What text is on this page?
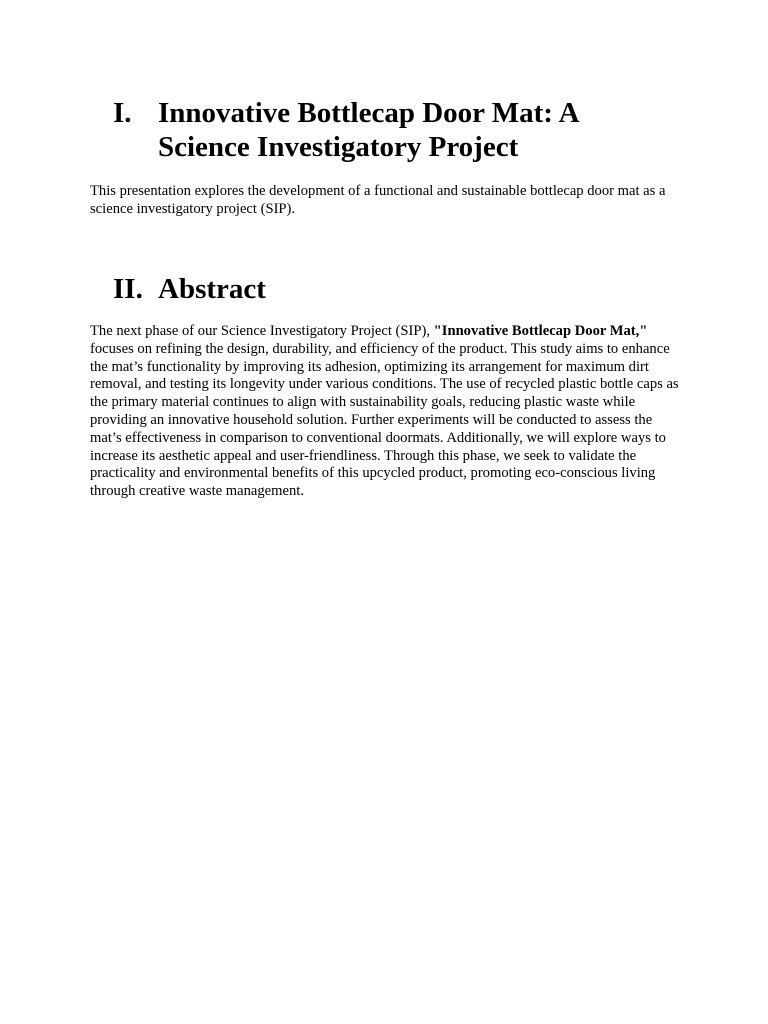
I. Innovative Bottlecap Door Mat: A Science Investigatory Project

This presentation explores the development of a functional and sustainable bottlecap door mat as a science investigatory project (SIP).

II. Abstract

The next phase of our Science Investigatory Project (SIP), "Innovative Bottlecap Door Mat," focuses on refining the design, durability, and efficiency of the product. This study aims to enhance the mat’s functionality by improving its adhesion, optimizing its arrangement for maximum dirt removal, and testing its longevity under various conditions. The use of recycled plastic bottle caps as the primary material continues to align with sustainability goals, reducing plastic waste while providing an innovative household solution. Further experiments will be conducted to assess the mat’s effectiveness in comparison to conventional doormats. Additionally, we will explore ways to increase its aesthetic appeal and user-friendliness. Through this phase, we seek to validate the practicality and environmental benefits of this upcycled product, promoting eco-conscious living through creative waste management.
